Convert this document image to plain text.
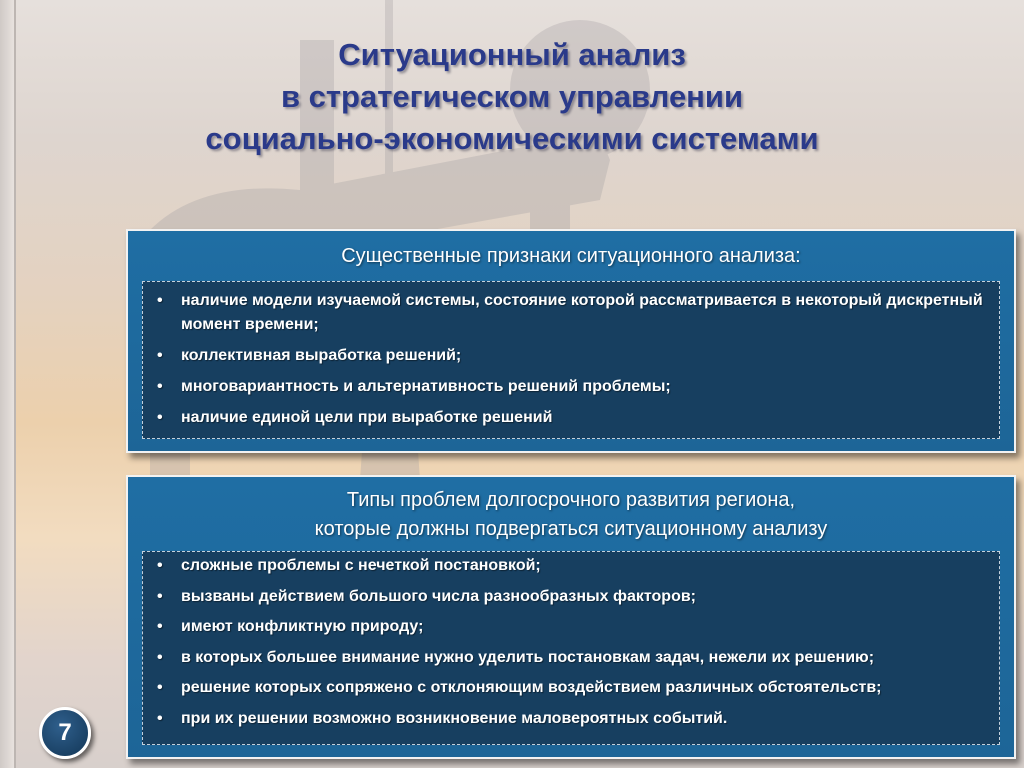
Ситуационный анализ
в стратегическом управлении
социально-экономическими системами
Существенные признаки ситуационного анализа:
• наличие модели изучаемой системы, состояние которой рассматривается в некоторый дискретный момент времени;
• коллективная выработка решений;
• многовариантность и альтернативность решений проблемы;
• наличие единой цели при выработке решений
Типы проблем долгосрочного развития региона,
которые должны подвергаться ситуационному анализу
• сложные проблемы с нечеткой постановкой;
• вызваны действием большого числа разнообразных факторов;
• имеют конфликтную природу;
• в которых большее внимание нужно уделить постановкам задач, нежели их решению;
• решение которых сопряжено с отклоняющим воздействием различных обстоятельств;
• при их решении возможно возникновение маловероятных событий.
7
